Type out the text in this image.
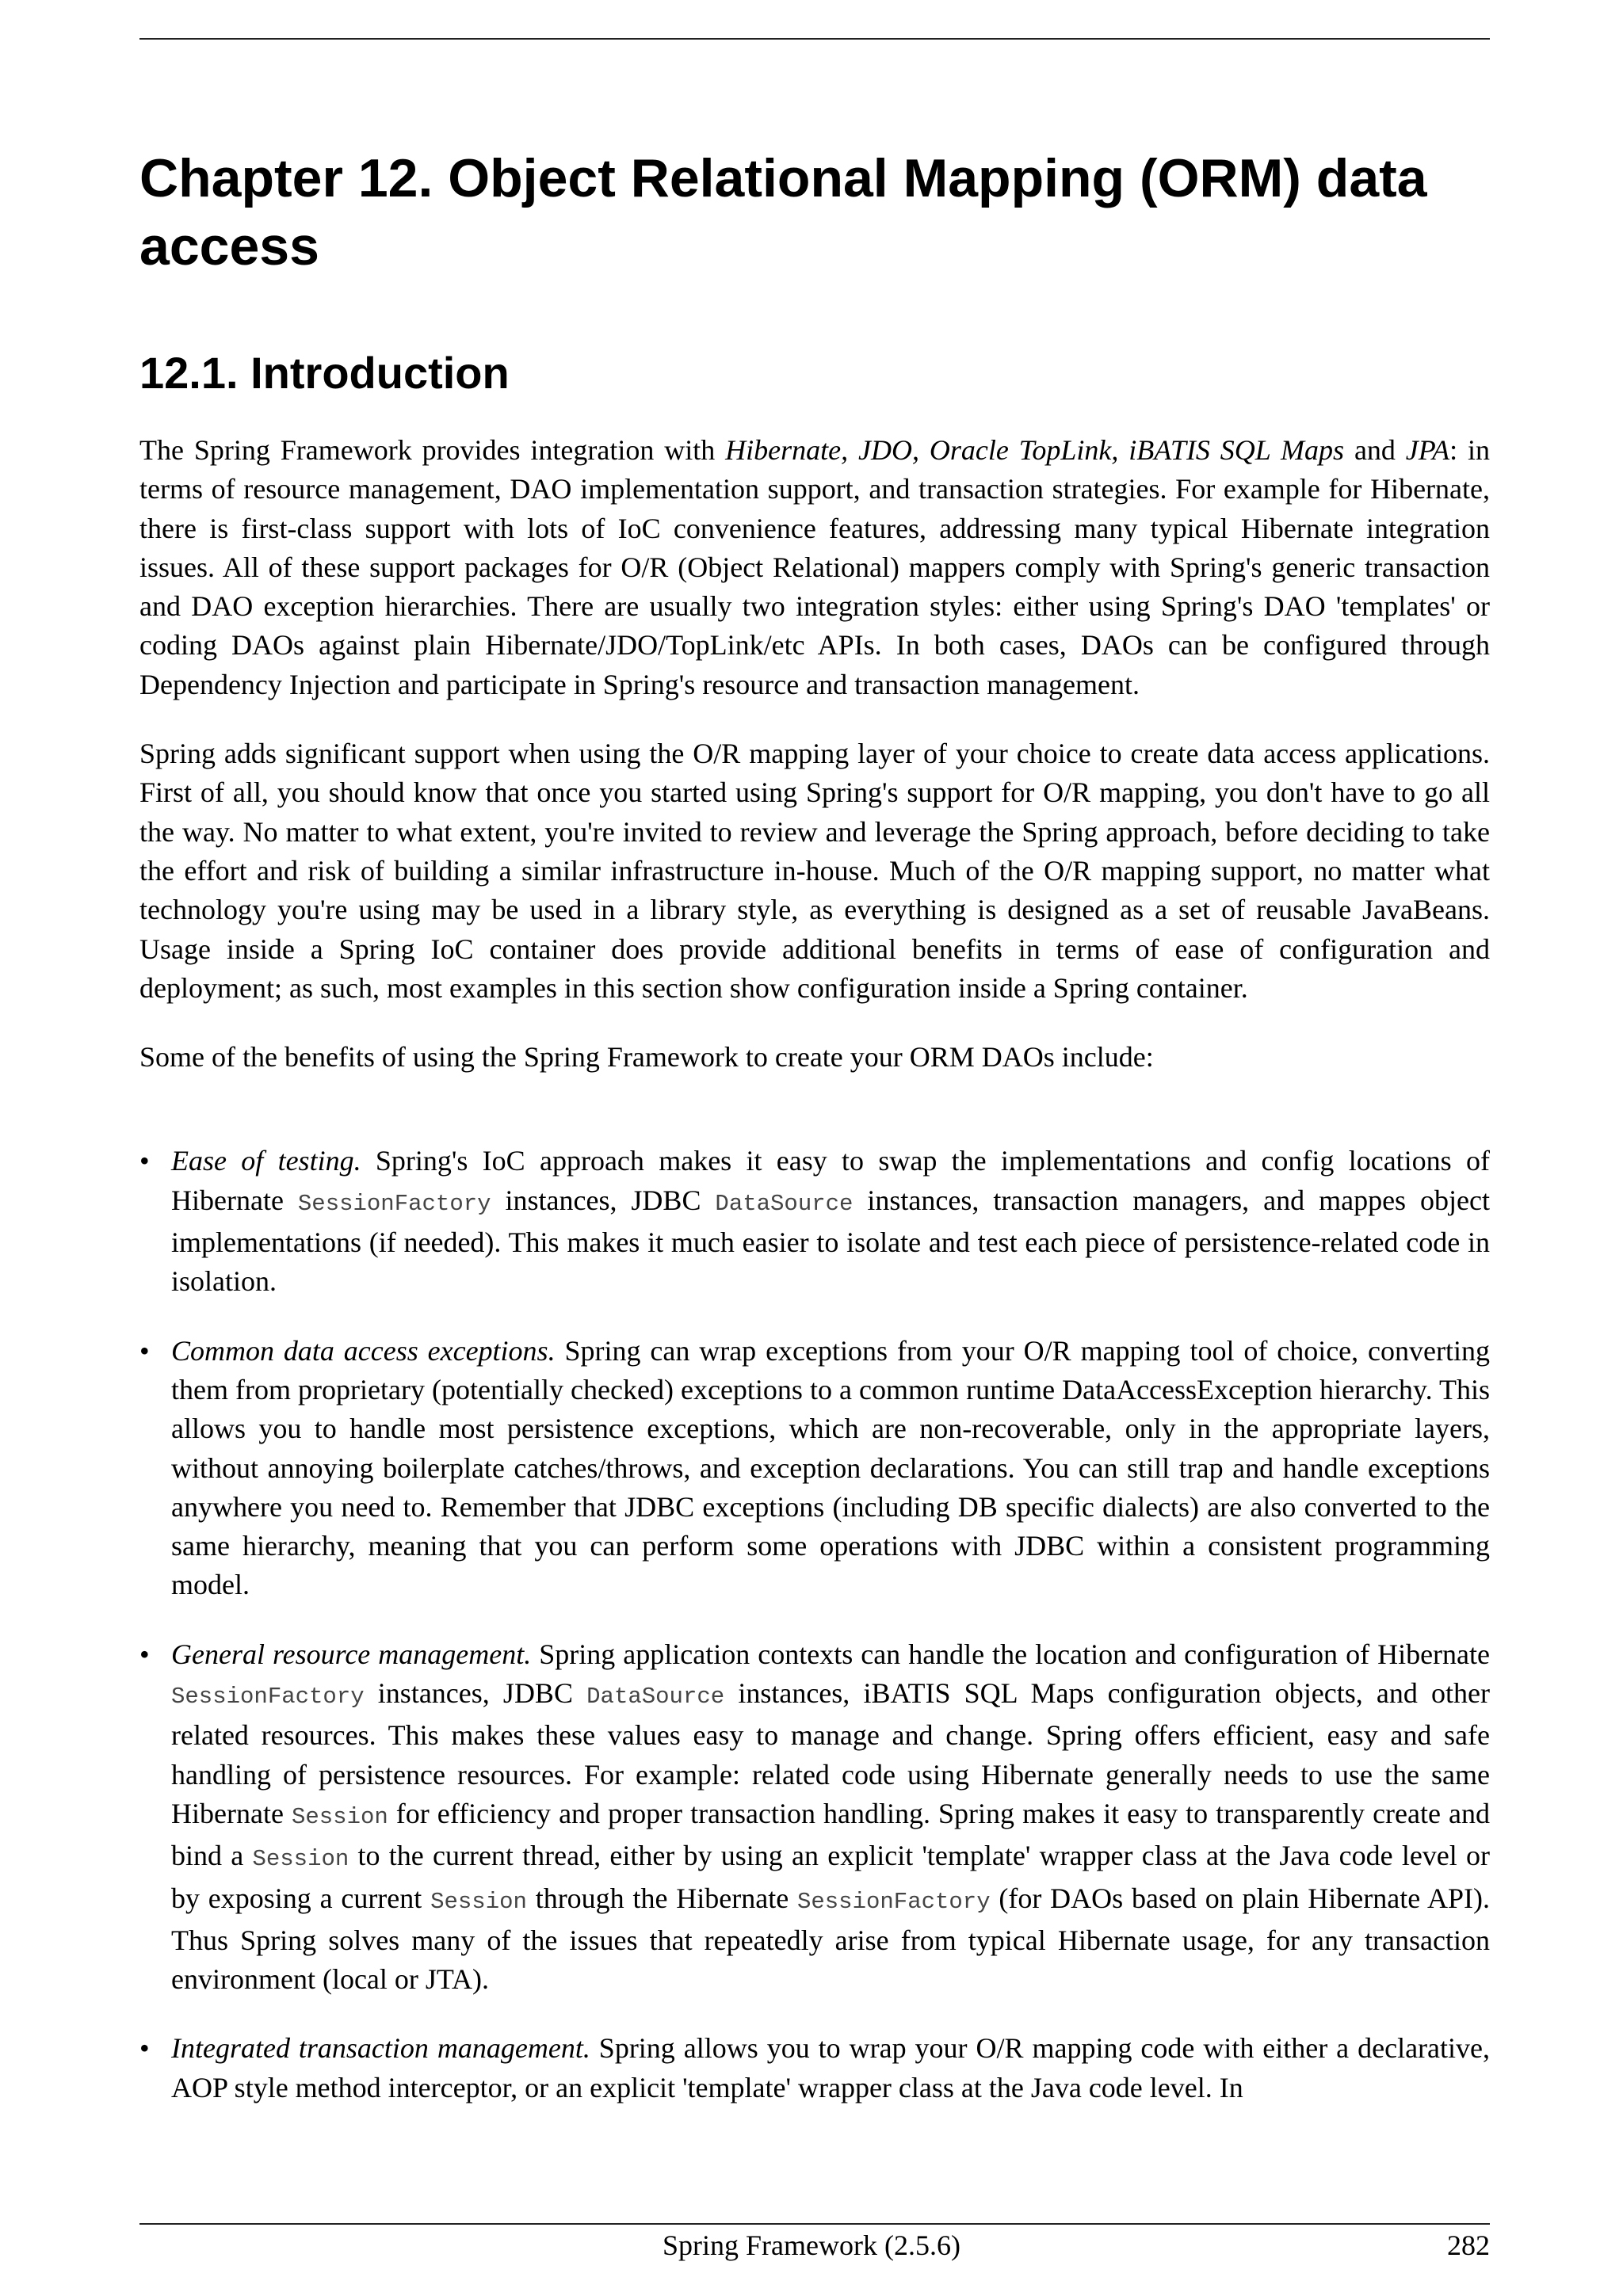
Chapter 12. Object Relational Mapping (ORM) data access
12.1. Introduction

The Spring Framework provides integration with Hibernate, JDO, Oracle TopLink, iBATIS SQL Maps and JPA: in terms of resource management, DAO implementation support, and transaction strategies. For example for Hibernate, there is first-class support with lots of IoC convenience features, addressing many typical Hibernate integration issues. All of these support packages for O/R (Object Relational) mappers comply with Spring's generic transaction and DAO exception hierarchies. There are usually two integration styles: either using Spring's DAO 'templates' or coding DAOs against plain Hibernate/JDO/TopLink/etc APIs. In both cases, DAOs can be configured through Dependency Injection and participate in Spring's resource and transaction management.

Spring adds significant support when using the O/R mapping layer of your choice to create data access applications. First of all, you should know that once you started using Spring's support for O/R mapping, you don't have to go all the way. No matter to what extent, you're invited to review and leverage the Spring approach, before deciding to take the effort and risk of building a similar infrastructure in-house. Much of the O/R mapping support, no matter what technology you're using may be used in a library style, as everything is designed as a set of reusable JavaBeans. Usage inside a Spring IoC container does provide additional benefits in terms of ease of configuration and deployment; as such, most examples in this section show configuration inside a Spring container.

Some of the benefits of using the Spring Framework to create your ORM DAOs include:

• Ease of testing. Spring's IoC approach makes it easy to swap the implementations and config locations of Hibernate SessionFactory instances, JDBC DataSource instances, transaction managers, and mappes object implementations (if needed). This makes it much easier to isolate and test each piece of persistence-related code in isolation.
• Common data access exceptions. Spring can wrap exceptions from your O/R mapping tool of choice, converting them from proprietary (potentially checked) exceptions to a common runtime DataAccessException hierarchy. This allows you to handle most persistence exceptions, which are non-recoverable, only in the appropriate layers, without annoying boilerplate catches/throws, and exception declarations. You can still trap and handle exceptions anywhere you need to. Remember that JDBC exceptions (including DB specific dialects) are also converted to the same hierarchy, meaning that you can perform some operations with JDBC within a consistent programming model.
• General resource management. Spring application contexts can handle the location and configuration of Hibernate SessionFactory instances, JDBC DataSource instances, iBATIS SQL Maps configuration objects, and other related resources. This makes these values easy to manage and change. Spring offers efficient, easy and safe handling of persistence resources. For example: related code using Hibernate generally needs to use the same Hibernate Session for efficiency and proper transaction handling. Spring makes it easy to transparently create and bind a Session to the current thread, either by using an explicit 'template' wrapper class at the Java code level or by exposing a current Session through the Hibernate SessionFactory (for DAOs based on plain Hibernate API). Thus Spring solves many of the issues that repeatedly arise from typical Hibernate usage, for any transaction environment (local or JTA).
• Integrated transaction management. Spring allows you to wrap your O/R mapping code with either a declarative, AOP style method interceptor, or an explicit 'template' wrapper class at the Java code level. In
Spring Framework (2.5.6)	282
